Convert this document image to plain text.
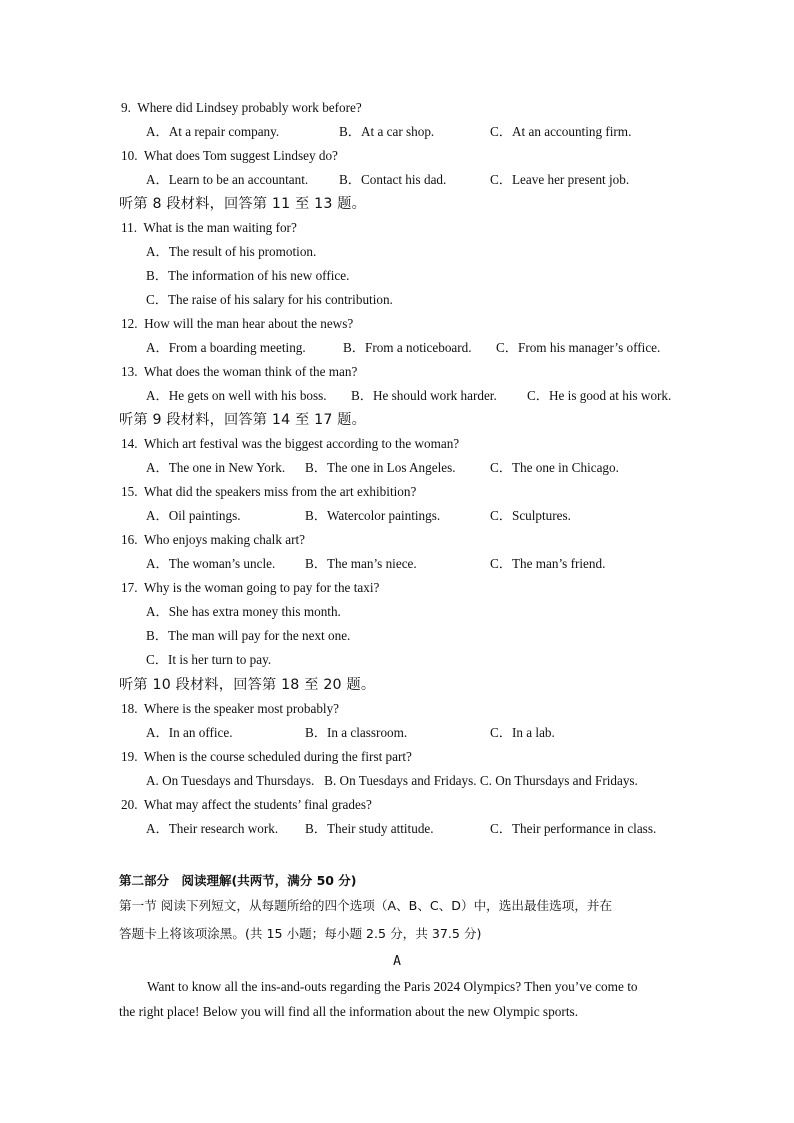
9. Where did Lindsey probably work before?
A．At a repair company.	B．At a car shop.	C．At an accounting firm.
10. What does Tom suggest Lindsey do?
A．Learn to be an accountant. B．Contact his dad.	C．Leave her present job.
听第 8 段材料，回答第 11 至 13 题。
11. What is the man waiting for?
A．The result of his promotion.
B．The information of his new office.
C．The raise of his salary for his contribution.
12. How will the man hear about the news?
A．From a boarding meeting.	B．From a noticeboard. C．From his manager’s office.
13. What does the woman think of the man?
A．He gets on well with his boss. B．He should work harder. C．He is good at his work.
听第 9 段材料，回答第 14 至 17 题。
14. Which art festival was the biggest according to the woman?
A．The one in New York. B．The one in Los Angeles.	C．The one in Chicago.
15. What did the speakers miss from the art exhibition?
A．Oil paintings.	B．Watercolor paintings.	C．Sculptures.
16. Who enjoys making chalk art?
A．The woman’s uncle. B．The man’s niece.	C．The man’s friend.
17. Why is the woman going to pay for the taxi?
A．She has extra money this month.
B．The man will pay for the next one.
C．It is her turn to pay.
听第 10 段材料，回答第 18 至 20 题。
18. Where is the speaker most probably?
A．In an office.	B．In a classroom.	C．In a lab.
19. When is the course scheduled during the first part?
A. On Tuesdays and Thursdays.   B. On Tuesdays and Fridays. C. On Thursdays and Fridays.
20. What may affect the students’ final grades?
A．Their research work. B．Their study attitude.	C．Their performance in class.
第二部分　阅读理解(共两节，满分 50 分)
第一节 阅读下列短文，从每题所给的四个选项（A、B、C、D）中，选出最佳选项，并在
答题卡上将该项涂黑。(共 15 小题；每小题 2.5 分，共 37.5 分)
A
Want to know all the ins-and-outs regarding the Paris 2024 Olympics? Then you’ve come to
the right place! Below you will find all the information about the new Olympic sports.
